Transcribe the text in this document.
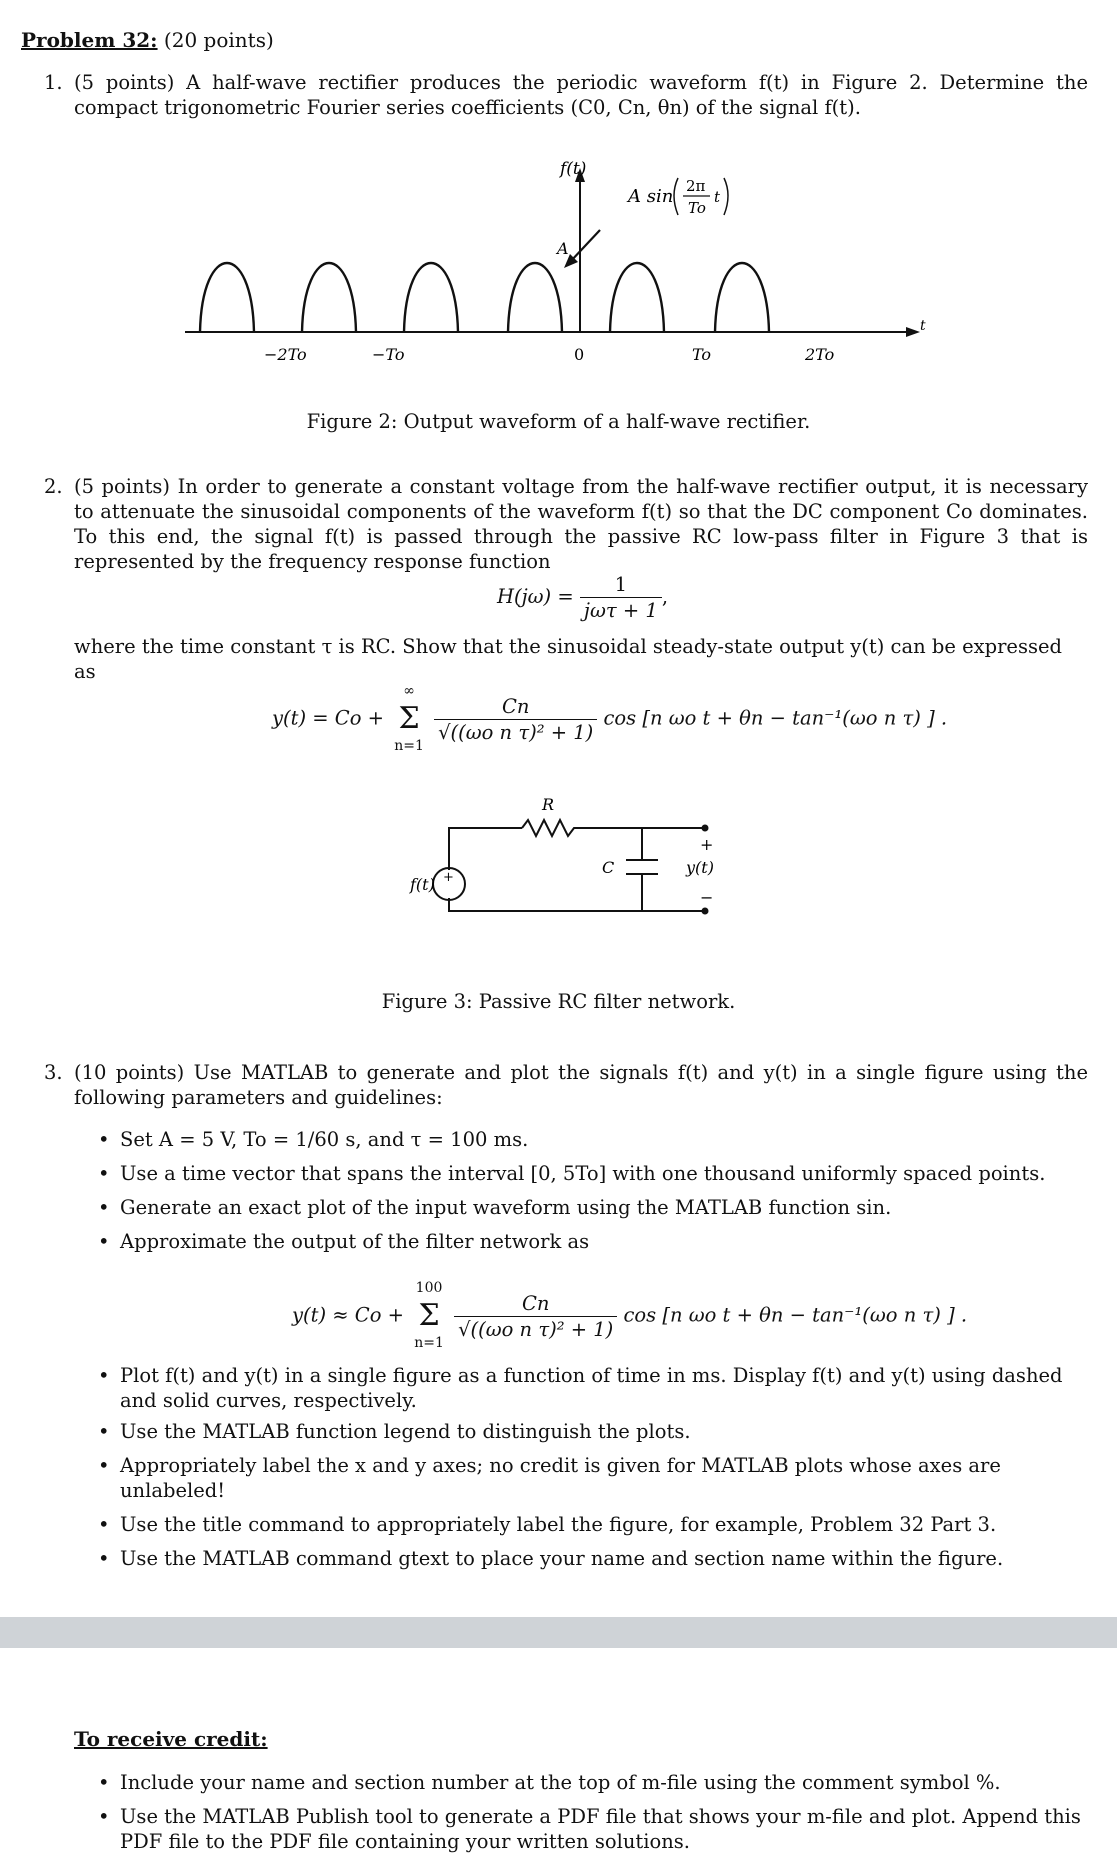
Problem 32: (20 points)
1. (5 points) A half-wave rectifier produces the periodic waveform f(t) in Figure 2. Determine the compact trigonometric Fourier series coefficients (C0, Cn, θn) of the signal f(t).
f(t)
t
A
A sin 2π
To
t
−2To	−To	0	To	2To
Figure 2: Output waveform of a half-wave rectifier.
2. (5 points) In order to generate a constant voltage from the half-wave rectifier output, it is necessary to attenuate the sinusoidal components of the waveform f(t) so that the DC component Co dominates. To this end, the signal f(t) is passed through the passive RC low-pass filter in Figure 3 that is represented by the frequency response function
$H(j\omega) = \frac{1}{\text{jωτ + 1}}$ ,
where the time constant τ is RC. Show that the sinusoidal steady-state output y(t) can be expressed as
y(t) = Co +
∞
Σ
n=1

$\frac{Cn}{\text{√((ωo n τ)² + 1)}}$ cos [n ωo t + θn − tan⁻¹(ωo n τ) ] .
+
f(t)
R
C
+
y(t)
−
Figure 3: Passive RC filter network.
3. (10 points) Use MATLAB to generate and plot the signals f(t) and y(t) in a single figure using the following parameters and guidelines:
• Set A = 5 V, To = 1/60 s, and τ = 100 ms.
• Use a time vector that spans the interval [0, 5To] with one thousand uniformly spaced points.
• Generate an exact plot of the input waveform using the MATLAB function sin.
• Approximate the output of the filter network as
y(t) ≈ Co +
100
Σ
n=1

$\frac{Cn}{\text{√((ωo n τ)² + 1)}}$ cos [n ωo t + θn − tan⁻¹(ωo n τ) ] .
• Plot f(t) and y(t) in a single figure as a function of time in ms. Display f(t) and y(t) using dashed and solid curves, respectively.
• Use the MATLAB function legend to distinguish the plots.
• Appropriately label the x and y axes; no credit is given for MATLAB plots whose axes are unlabeled!
• Use the title command to appropriately label the figure, for example, Problem 32 Part 3.
• Use the MATLAB command gtext to place your name and section name within the figure.
To receive credit:
• Include your name and section number at the top of m-file using the comment symbol %.
• Use the MATLAB Publish tool to generate a PDF file that shows your m-file and plot. Append this PDF file to the PDF file containing your written solutions.
